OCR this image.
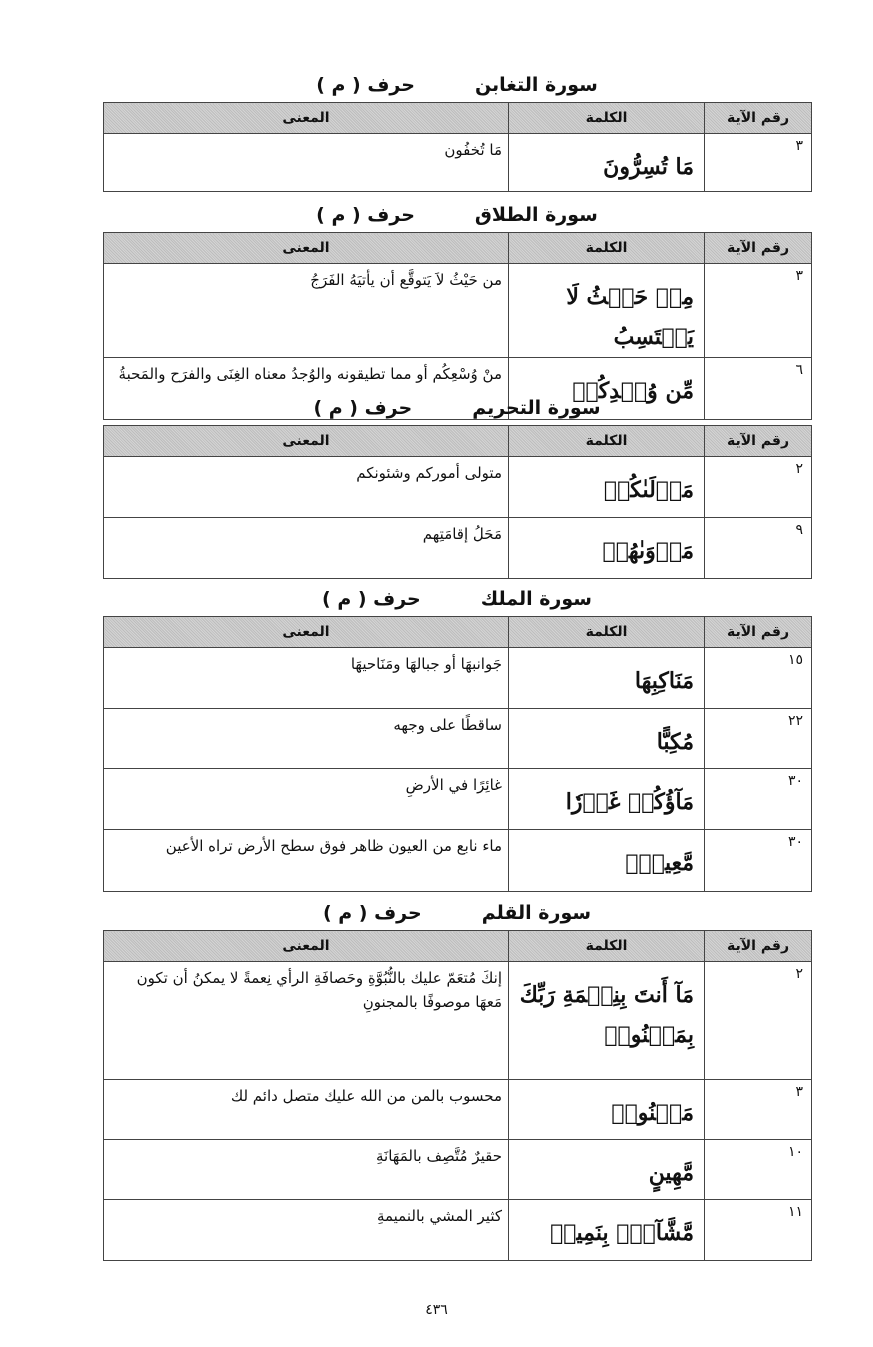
سورة التغابن
حرف ( م )
رقم الآية	الكلمة	المعنى
٣	مَا تُسِرُّونَ	مَا تُخفُون
سورة الطلاق
حرف ( م )
رقم الآية	الكلمة	المعنى
٣	مِنۡ حَيۡثُ لَا يَحۡتَسِبُ	من حَيْثُ لاَ يَتوقَّع أن يأتيَهُ الفَرَجُ
٦	مِّن وُجۡدِكُمۡ	منْ وُسْعِكُم أو مما تطيقونه والوُجدُ معناه الغِنَى والفرَح والمَحبةُ
سورة التحريم
حرف ( م )
رقم الآية	الكلمة	المعنى
٢	مَوۡلَىٰكُمۡ	متولى أموركم وشئونكم
٩	مَأۡوَىٰهُمۡ	مَحَلُ إقامَتِهم
سورة الملك
حرف ( م )
رقم الآية	الكلمة	المعنى
١٥	مَنَاكِبِهَا	جَوانبهَا أو جبالهَا ومَنَاحيهَا
٢٢	مُكِبًّا	ساقطًا على وجهه
٣٠	مَآؤُكُمۡ غَوۡرٗا	غائِرًا في الأرضِ
٣٠	مَّعِينِۭ	ماء نابع من العيون ظاهر فوق سطح الأرض تراه الأعين
سورة القلم
حرف ( م )
رقم الآية	الكلمة	المعنى
٢	مَآ أَنتَ بِنِعۡمَةِ رَبِّكَ بِمَجۡنُونٖ	إنكَ مُتعَمّ عليك بالنُّبُوَّةِ وحَصافَةِ الرأي نِعمةً لا يمكنُ أن تكون مَعهَا موصوفًا بالمجنونِ
٣	مَمۡنُونٖ	محسوب بالمن من الله عليك متصل دائم لك
١٠	مَّهِينٍ	حقيرٌ مُتَّصِف بالمَهَانَةِ
١١	مَّشَّآءِۭ بِنَمِيمٖ	كثير المشي بالنميمةِ
٤٣٦
